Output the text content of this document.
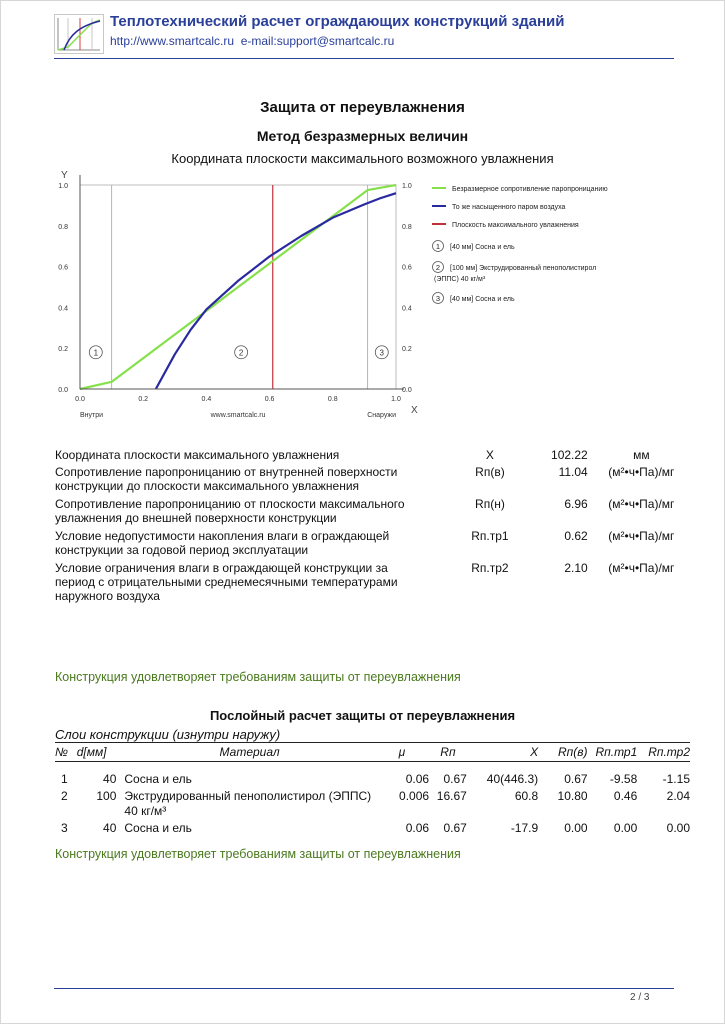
Теплотехнический расчет ограждающих конструкций зданий
http://www.smartcalc.ru e-mail:support@smartcalc.ru
Защита от переувлажнения
Метод безразмерных величин
Координата плоскости максимального возможного увлажнения
1	2	3
Y
X
0.0
0.2
0.4
0.6
0.8
1.0
0.0
0.2
0.4
0.6
0.8
1.0
0.0	0.2	0.4	0.6	0.8	1.0
Внутри	www.smartcalc.ru	Снаружи
Безразмерное сопротивление паропроницанию
То же насыщенного паром воздуха
Плоскость максимального увлажнения
1 [40 мм] Сосна и ель
2 [100 мм] Экструдированный пенополистирол
(ЭППС) 40 кг/м³
3 [40 мм] Сосна и ель
Координата плоскости максимального увлажнения	X	102.22	мм
Сопротивление паропроницанию от внутренней поверхности конструкции до плоскости максимального увлажнения	Rп(в)	11.04	(м²•ч•Па)/мг
Сопротивление паропроницанию от плоскости максимального увлажнения до внешней поверхности конструкции	Rп(н)	6.96	(м²•ч•Па)/мг
Условие недопустимости накопления влаги в ограждающей конструкции за годовой период эксплуатации	Rп.тр1	0.62	(м²•ч•Па)/мг
Условие ограничения влаги в ограждающей конструкции за период с отрицательными среднемесячными температурами наружного воздуха	Rп.тр2	2.10	(м²•ч•Па)/мг
Конструкция удовлетворяет требованиям защиты от переувлажнения
Послойный расчет защиты от переувлажнения
Слои конструкции (изнутри наружу)
№	d[мм]	Материал	μ	Rп	X	Rп(в)	Rп.тр1	Rп.тр2
1	40	Сосна и ель	0.06	0.67	40(446.3)	0.67	-9.58	-1.15
2	100	Экструдированный пенополистирол (ЭППС) 40 кг/м³	0.006	16.67	60.8	10.80	0.46	2.04
3	40	Сосна и ель	0.06	0.67	-17.9	0.00	0.00	0.00
Конструкция удовлетворяет требованиям защиты от переувлажнения
2 / 3
